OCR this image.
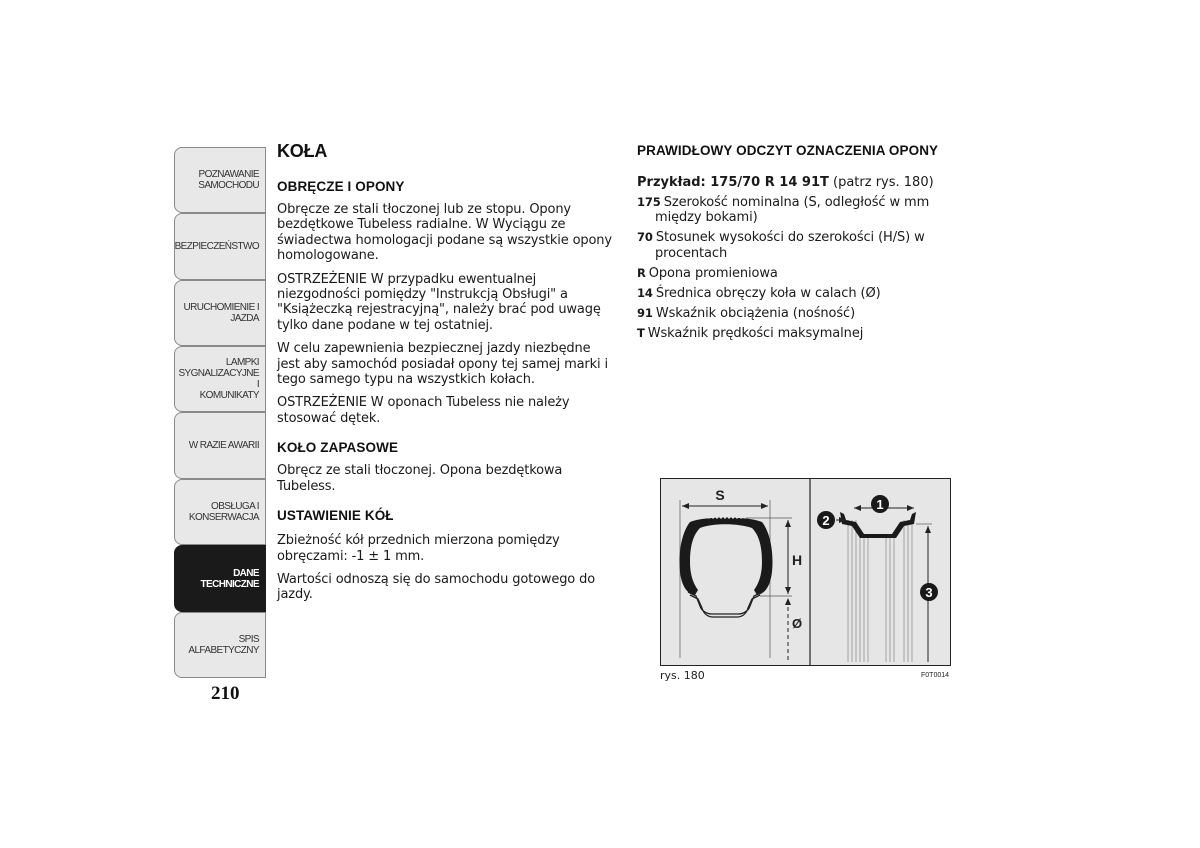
POZNAWANIE
SAMOCHODU
BEZPIECZEŃSTWO
URUCHOMIENIE I
JAZDA
LAMPKI
SYGNALIZACYJNE I
KOMUNIKATY
W RAZIE AWARII
OBSŁUGA I
KONSERWACJA
DANE
TECHNICZNE
SPIS ALFABETYCZNY
210
KOŁA
OBRĘCZE I OPONY

Obręcze ze stali tłoczonej lub ze stopu. Opony bezdętkowe Tubeless radialne. W Wyciągu ze świadectwa homologacji podane są wszystkie opony homologowane.

OSTRZEŻENIE W przypadku ewentualnej niezgodności pomiędzy "Instrukcją Obsługi" a "Książeczką rejestracyjną", należy brać pod uwagę tylko dane podane w tej ostatniej.

W celu zapewnienia bezpiecznej jazdy niezbędne jest aby samochód posiadał opony tej samej marki i tego samego typu na wszystkich kołach.

OSTRZEŻENIE W oponach Tubeless nie należy stosować dętek.

KOŁO ZAPASOWE

Obręcz ze stali tłoczonej. Opona bezdętkowa Tubeless.

USTAWIENIE KÓŁ

Zbieżność kół przednich mierzona pomiędzy obręczami: -1 ± 1 mm.

Wartości odnoszą się do samochodu gotowego do jazdy.

PRAWIDŁOWY ODCZYT OZNACZENIA OPONY
Przykład: 175/70 R 14 91T (patrz rys. 180)
175 Szerokość nominalna (S, odległość w mm między bokami)
70 Stosunek wysokości do szerokości (H/S) w procentach
R Opona promieniowa
14 Średnica obręczy koła w calach (Ø)
91 Wskaźnik obciążenia (nośność)
T Wskaźnik prędkości maksymalnej
S
H
Ø
1
2
3
rys. 180	F0T0014
